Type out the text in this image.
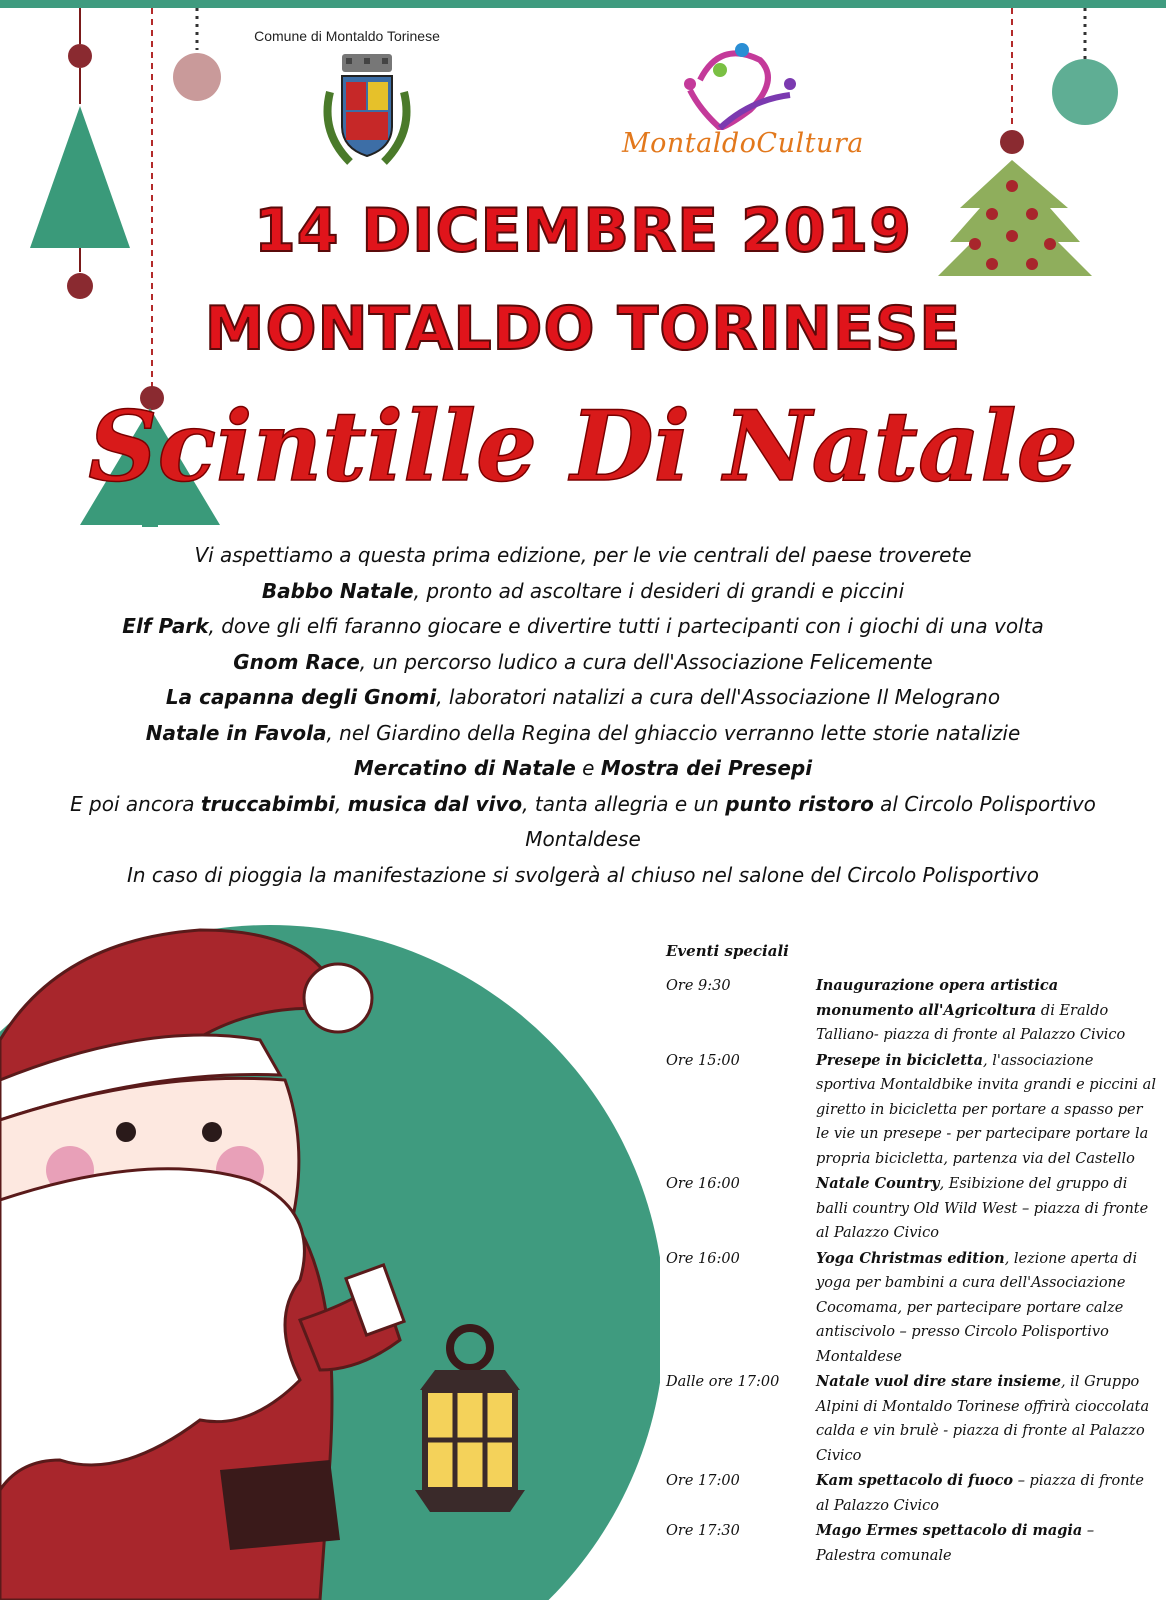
Comune di Montaldo Torinese
MontaldoCultura
14 DICEMBRE 2019
MONTALDO TORINESE
Scintille Di Natale
Vi aspettiamo a questa prima edizione, per le vie centrali del paese troverete
Babbo Natale, pronto ad ascoltare i desideri di grandi e piccini
Elf Park, dove gli elfi faranno giocare e divertire tutti i partecipanti con i giochi di una volta
Gnom Race, un percorso ludico a cura dell'Associazione Felicemente
La capanna degli Gnomi, laboratori natalizi a cura dell'Associazione Il Melograno
Natale in Favola, nel Giardino della Regina del ghiaccio verranno lette storie natalizie
Mercatino di Natale e Mostra dei Presepi
E poi ancora truccabimbi, musica dal vivo, tanta allegria e un punto ristoro al Circolo Polisportivo
Montaldese
In caso di pioggia la manifestazione si svolgerà al chiuso nel salone del Circolo Polisportivo
Eventi speciali
Ore 9:30	Inaugurazione opera artistica monumento all'Agricoltura di Eraldo Talliano- piazza di fronte al Palazzo Civico
Ore 15:00	Presepe in bicicletta, l'associazione sportiva Montaldbike invita grandi e piccini al giretto in bicicletta per portare a spasso per le vie un presepe - per partecipare portare la propria bicicletta, partenza via del Castello
Ore 16:00	Natale Country, Esibizione del gruppo di balli country Old Wild West – piazza di fronte al Palazzo Civico
Ore 16:00	Yoga Christmas edition, lezione aperta di yoga per bambini a cura dell'Associazione Cocomama, per partecipare portare calze antiscivolo – presso Circolo Polisportivo Montaldese
Dalle ore 17:00	Natale vuol dire stare insieme, il Gruppo Alpini di Montaldo Torinese offrirà cioccolata calda e vin brulè - piazza di fronte al Palazzo Civico
Ore 17:00	Kam spettacolo di fuoco – piazza di fronte al Palazzo Civico
Ore 17:30	Mago Ermes spettacolo di magia – Palestra comunale
